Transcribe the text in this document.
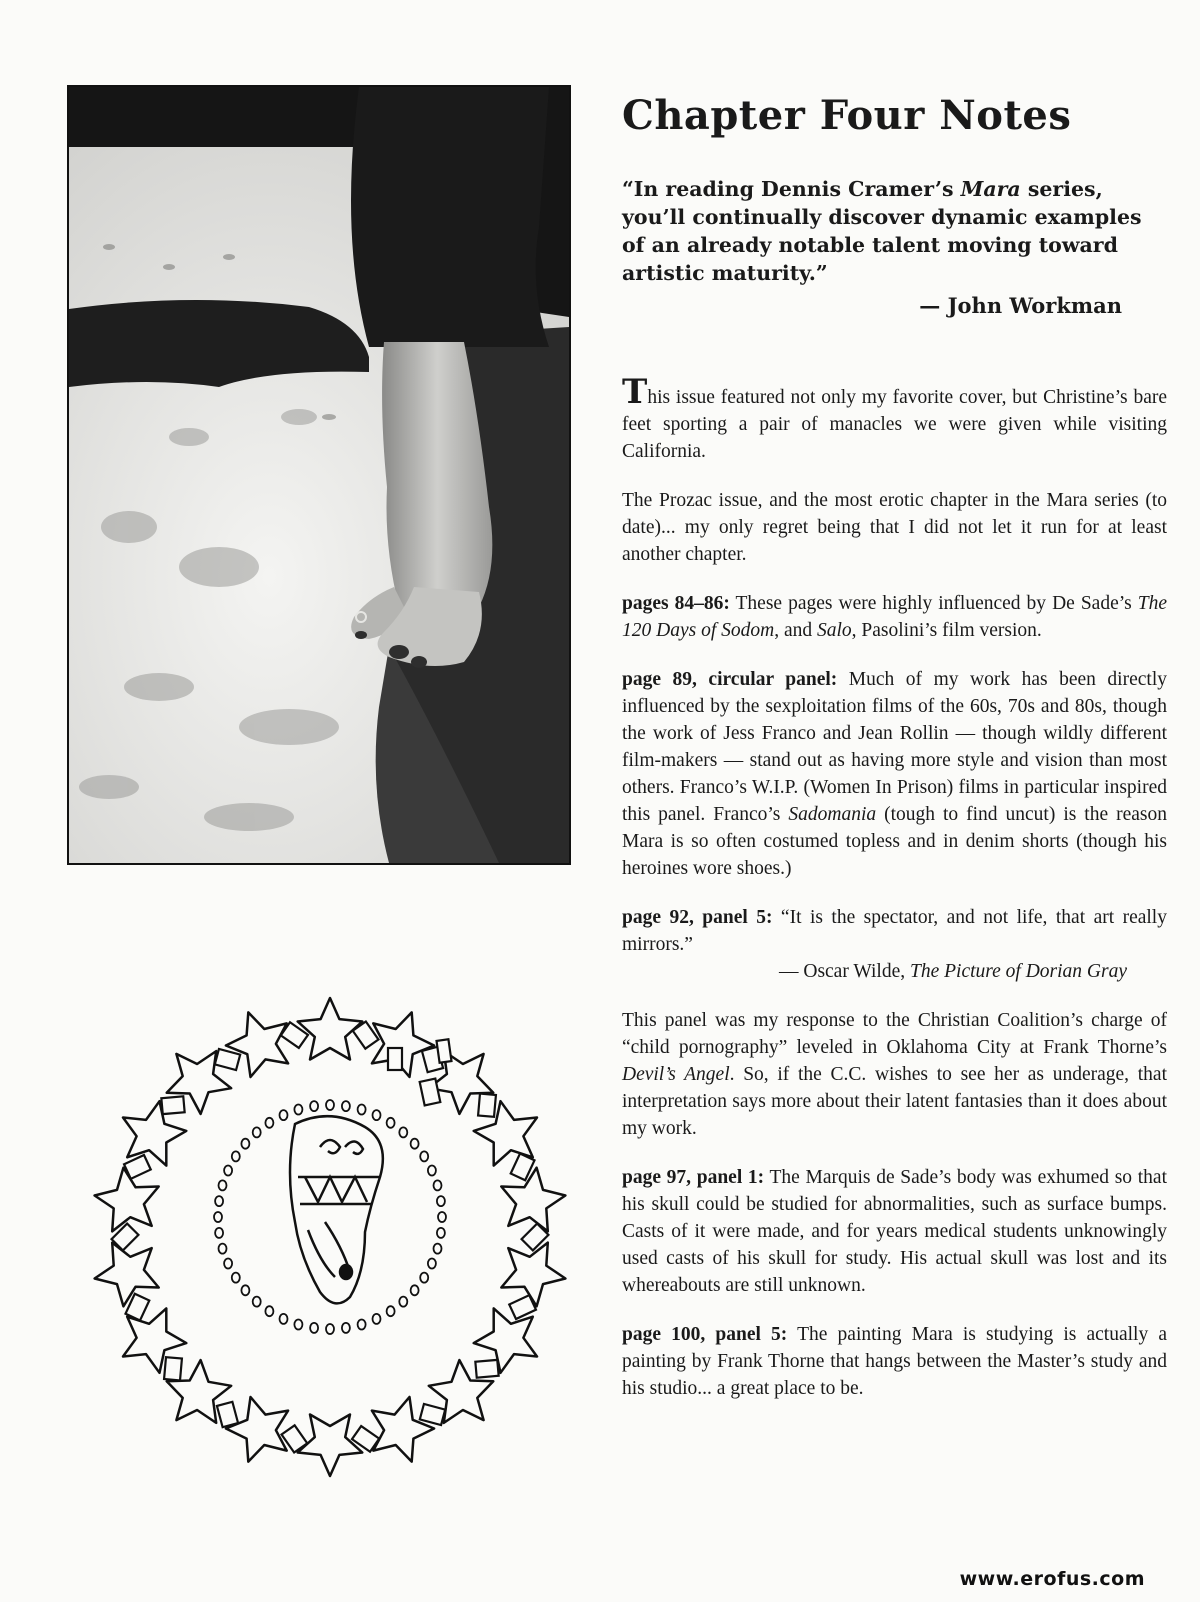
Chapter Four Notes

“In reading Dennis Cramer’s Mara series, you’ll continually discover dynamic examples of an already notable talent moving toward artistic maturity.”

— John Workman

This issue featured not only my favorite cover, but Christine’s bare feet sporting a pair of manacles we were given while visiting California.

The Prozac issue, and the most erotic chapter in the Mara series (to date)... my only regret being that I did not let it run for at least another chapter.

pages 84–86: These pages were highly influenced by De Sade’s The 120 Days of Sodom, and Salo, Pasolini’s film version.

page 89, circular panel: Much of my work has been directly influenced by the sexploitation films of the 60s, 70s and 80s, though the work of Jess Franco and Jean Rollin — though wildly different film-makers — stand out as having more style and vision than most others. Franco’s W.I.P. (Women In Prison) films in particular inspired this panel. Franco’s Sadomania (tough to find uncut) is the reason Mara is so often costumed topless and in denim shorts (though his heroines wore shoes.)

page 92, panel 5: “It is the spectator, and not life, that art really mirrors.”
— Oscar Wilde, The Picture of Dorian Gray

This panel was my response to the Christian Coalition’s charge of “child pornography” leveled in Oklahoma City at Frank Thorne’s Devil’s Angel. So, if the C.C. wishes to see her as underage, that interpretation says more about their latent fantasies than it does about my work.

page 97, panel 1: The Marquis de Sade’s body was exhumed so that his skull could be studied for abnormalities, such as surface bumps. Casts of it were made, and for years medical students unknowingly used casts of his skull for study. His actual skull was lost and its whereabouts are still unknown.

page 100, panel 5: The painting Mara is studying is actually a painting by Frank Thorne that hangs between the Master’s study and his studio... a great place to be.

www.erofus.com
